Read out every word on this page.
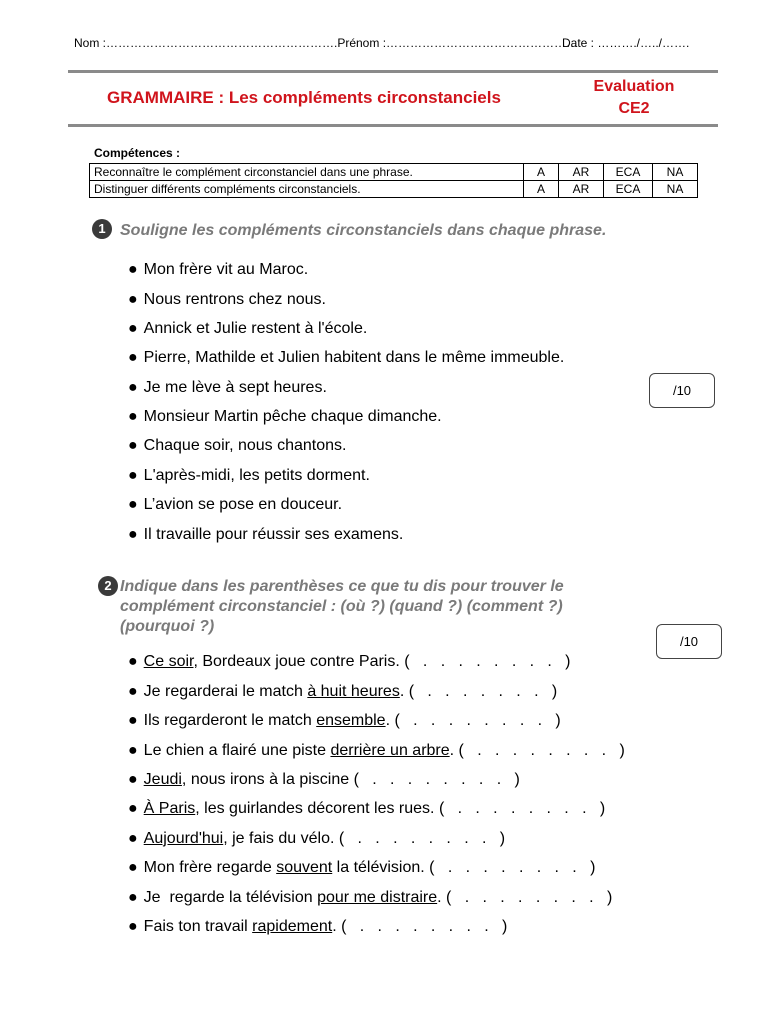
Nom :………………………………………………….Prénom :…………………………………………
Date : ………./…../…….
GRAMMAIRE : Les compléments circonstanciels
Evaluation
CE2
Compétences :
Reconnaître le complément circonstanciel dans une phrase.	A	AR	ECA	NA
Distinguer différents compléments circonstanciels.	A	AR	ECA	NA
1 Souligne les compléments circonstanciels dans chaque phrase.
● Mon frère vit au Maroc.
● Nous rentrons chez nous.
● Annick et Julie restent à l'école.
● Pierre, Mathilde et Julien habitent dans le même immeuble.
● Je me lève à sept heures.
● Monsieur Martin pêche chaque dimanche.
● Chaque soir, nous chantons.
● L'après-midi, les petits dorment.
● L’avion se pose en douceur.
● Il travaille pour réussir ses examens.
/10
2 Indique dans les parenthèses ce que tu dis pour trouver le
complément circonstanciel : (où ?) (quand ?) (comment ?)
(pourquoi ?)
/10
● Ce soir, Bordeaux joue contre Paris. (   .   .   .   .   .   .   .   .   )
● Je regarderai le match à huit heures. (   .   .   .   .   .   .   .   )
● Ils regarderont le match ensemble. (   .   .   .   .   .   .   .   .   )
● Le chien a flairé une piste derrière un arbre. (   .   .   .   .   .   .   .   .   )
● Jeudi, nous irons à la piscine (   .   .   .   .   .   .   .   .   )
● À Paris, les guirlandes décorent les rues. (   .   .   .   .   .   .   .   .   )
● Aujourd'hui, je fais du vélo. (   .   .   .   .   .   .   .   .   )
● Mon frère regarde souvent la télévision. (   .   .   .   .   .   .   .   .   )
● Je  regarde la télévision pour me distraire. (   .   .   .   .   .   .   .   .   )
● Fais ton travail rapidement. (   .   .   .   .   .   .   .   .   )
